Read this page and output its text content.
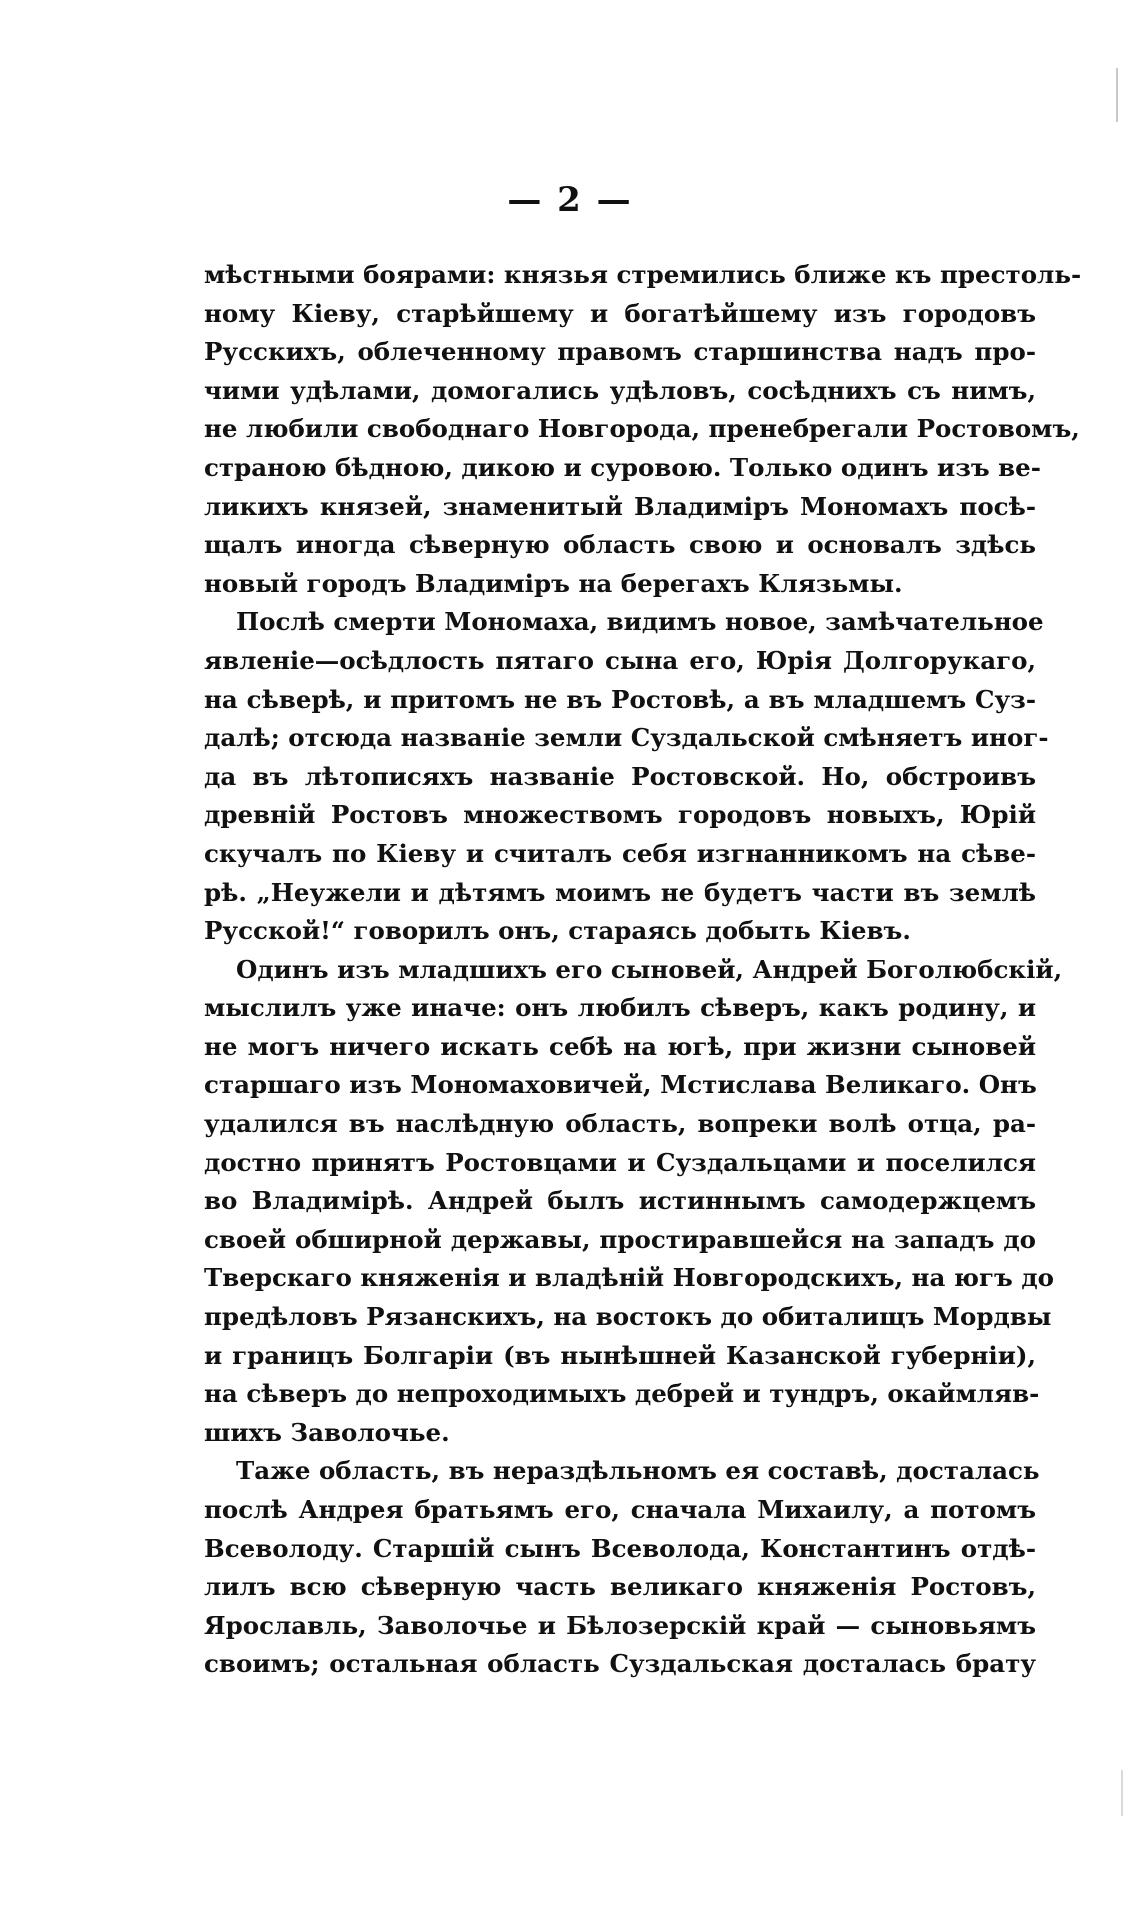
— 2 —
мѣстными боярами: князья стремились ближе къ престоль-
ному Кіеву, старѣйшему и богатѣйшему изъ городовъ
Русскихъ, облеченному правомъ старшинства надъ про-
чими удѣлами, домогались удѣловъ, сосѣднихъ съ нимъ,
не любили свободнаго Новгорода, пренебрегали Ростовомъ,
страною бѣдною, дикою и суровою. Только одинъ изъ ве-
ликихъ князей, знаменитый Владиміръ Мономахъ посѣ-
щалъ иногда сѣверную область свою и основалъ здѣсь
новый городъ Владиміръ на берегахъ Клязьмы.
Послѣ смерти Мономаха, видимъ новое, замѣчательное
явленіе—осѣдлость пятаго сына его, Юрія Долгорукаго,
на сѣверѣ, и притомъ не въ Ростовѣ, а въ младшемъ Суз-
далѣ; отсюда названіе земли Суздальской смѣняетъ иног-
да въ лѣтописяхъ названіе Ростовской. Но, обстроивъ
древній Ростовъ множествомъ городовъ новыхъ, Юрій
скучалъ по Кіеву и считалъ себя изгнанникомъ на сѣве-
рѣ. „Неужели и дѣтямъ моимъ не будетъ части въ землѣ
Русской!“ говорилъ онъ, стараясь добыть Кіевъ.
Одинъ изъ младшихъ его сыновей, Андрей Боголюбскій,
мыслилъ уже иначе: онъ любилъ сѣверъ, какъ родину, и
не могъ ничего искать себѣ на югѣ, при жизни сыновей
старшаго изъ Мономаховичей, Мстислава Великаго. Онъ
удалился въ наслѣдную область, вопреки волѣ отца, ра-
достно принятъ Ростовцами и Суздальцами и поселился
во Владимірѣ. Андрей былъ истиннымъ самодержцемъ
своей обширной державы, простиравшейся на западъ до
Тверскаго княженія и владѣній Новгородскихъ, на югъ до
предѣловъ Рязанскихъ, на востокъ до обиталищъ Мордвы
и границъ Болгаріи (въ нынѣшней Казанской губерніи),
на сѣверъ до непроходимыхъ дебрей и тундръ, окаймляв-
шихъ Заволочье.
Таже область, въ нераздѣльномъ ея составѣ, досталась
послѣ Андрея братьямъ его, сначала Михаилу, а потомъ
Всеволоду. Старшій сынъ Всеволода, Константинъ отдѣ-
лилъ всю сѣверную часть великаго княженія Ростовъ,
Ярославль, Заволочье и Бѣлозерскій край — сыновьямъ
своимъ; остальная область Суздальская досталась брату
